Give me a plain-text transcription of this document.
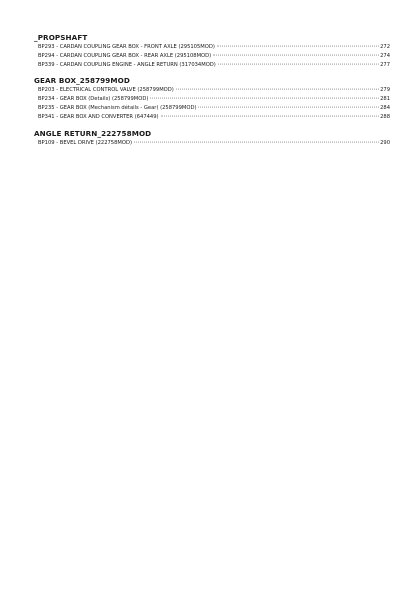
_PROPSHAFT
BP293 - CARDAN COUPLING GEAR BOX - FRONT AXLE (295105MOD)	272
BP294 - CARDAN COUPLING GEAR BOX - REAR AXLE (295108MOD)	274
BP339 - CARDAN COUPLING ENGINE - ANGLE RETURN (317034MOD)	277
GEAR BOX_258799MOD
BP203 - ELECTRICAL CONTROL VALVE (258799MOD)	279
BP234 - GEAR BOX (Details) (258799MOD)	281
BP235 - GEAR BOX (Mechanism détails - Gear) (258799MOD)	284
BP341 - GEAR BOX AND CONVERTER (647449)	288
ANGLE RETURN_222758MOD
BP109 - BEVEL DRIVE (222758MOD)	290
